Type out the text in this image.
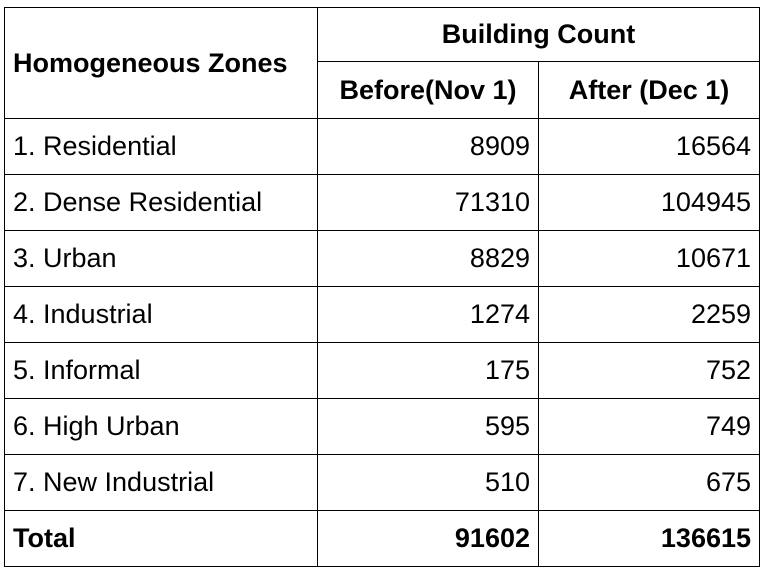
Homogeneous Zones	Building Count	
	Before(Nov 1)	After (Dec 1)
1. Residential	8909	16564
2. Dense Residential	71310	104945
3. Urban	8829	10671
4. Industrial	1274	2259
5. Informal	175	752
6. High Urban	595	749
7. New Industrial	510	675
Total	91602	136615
